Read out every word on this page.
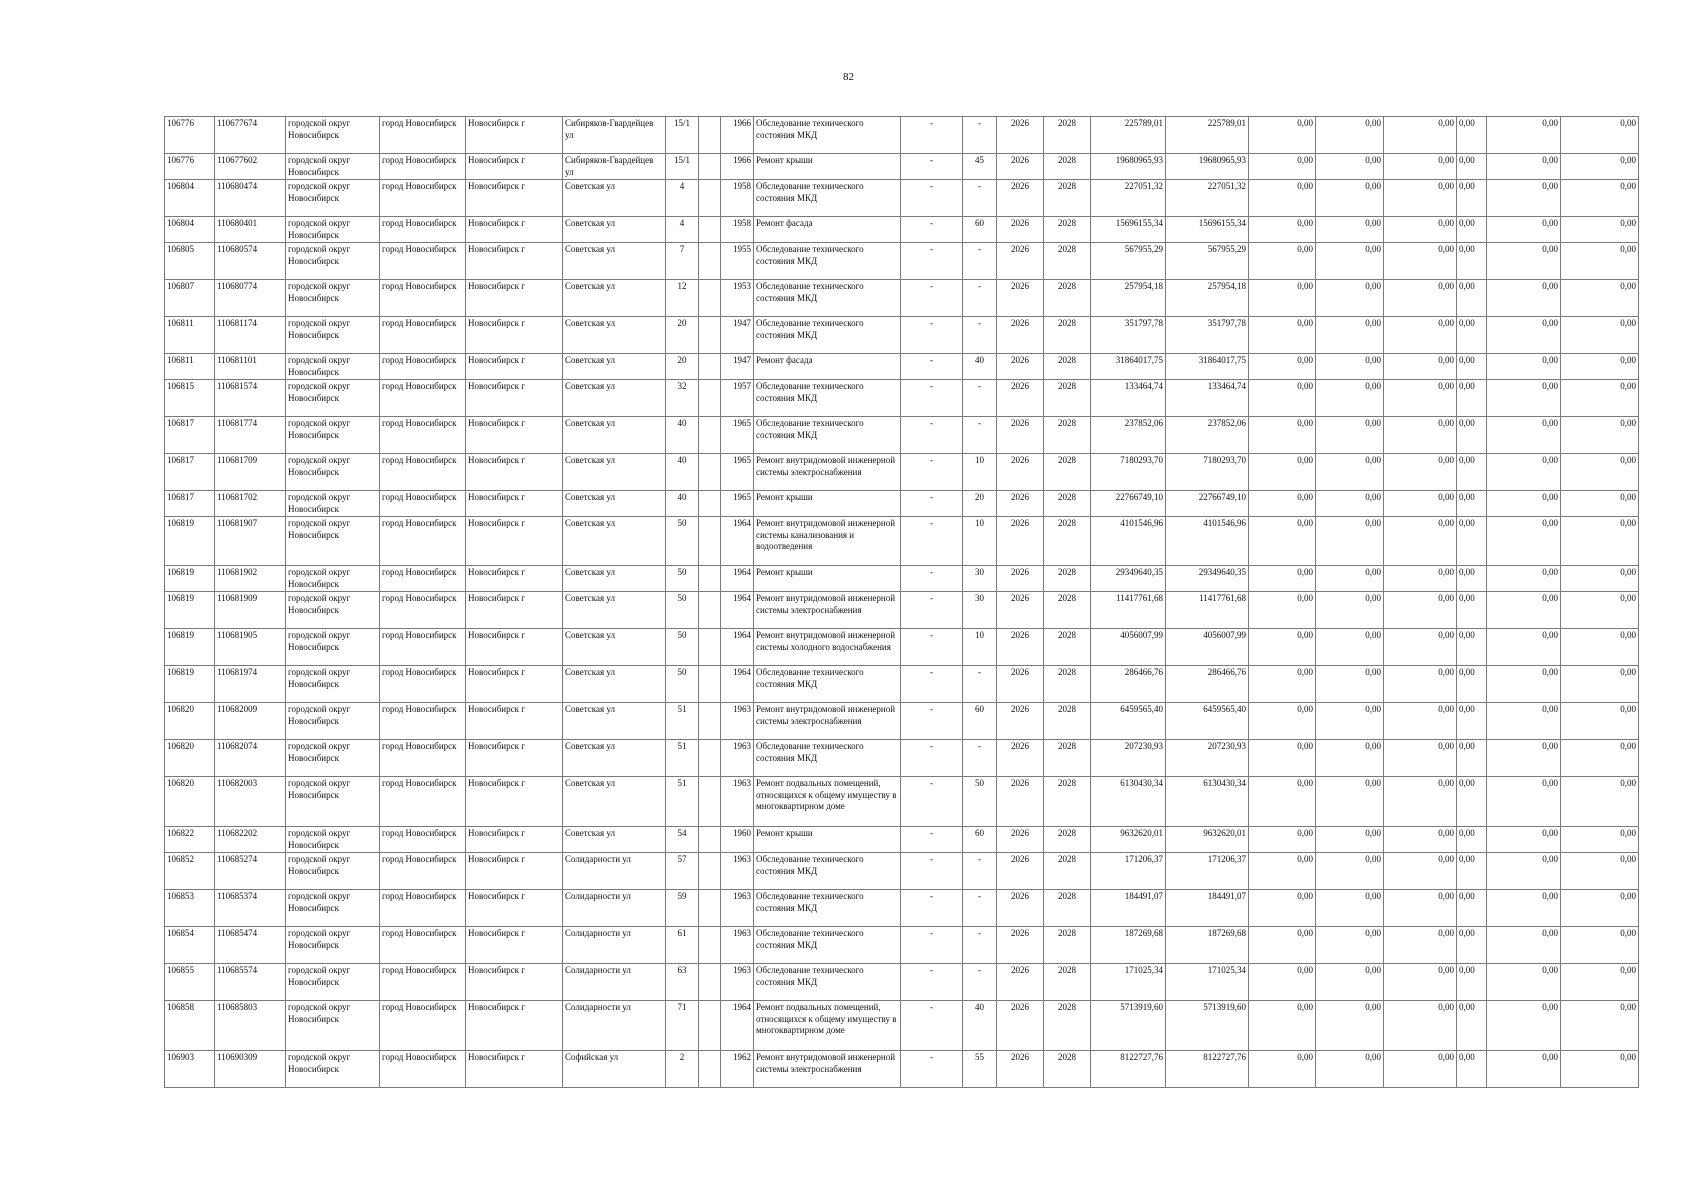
82
106776	110677674	городской округ Новосибирск	город Новосибирск	Новосибирск г	Сибиряков-Гвардейцев ул	15/1		1966	Обследование технического состояния МКД	-	-	2026	2028	225789,01	225789,01	0,00	0,00	0,00	0,00	0,00	0,00
106776	110677602	городской округ Новосибирск	город Новосибирск	Новосибирск г	Сибиряков-Гвардейцев ул	15/1		1966	Ремонт крыши	-	45	2026	2028	19680965,93	19680965,93	0,00	0,00	0,00	0,00	0,00	0,00
106804	110680474	городской округ Новосибирск	город Новосибирск	Новосибирск г	Советская ул	4		1958	Обследование технического состояния МКД	-	-	2026	2028	227051,32	227051,32	0,00	0,00	0,00	0,00	0,00	0,00
106804	110680401	городской округ Новосибирск	город Новосибирск	Новосибирск г	Советская ул	4		1958	Ремонт фасада	-	60	2026	2028	15696155,34	15696155,34	0,00	0,00	0,00	0,00	0,00	0,00
106805	110680574	городской округ Новосибирск	город Новосибирск	Новосибирск г	Советская ул	7		1955	Обследование технического состояния МКД	-	-	2026	2028	567955,29	567955,29	0,00	0,00	0,00	0,00	0,00	0,00
106807	110680774	городской округ Новосибирск	город Новосибирск	Новосибирск г	Советская ул	12		1953	Обследование технического состояния МКД	-	-	2026	2028	257954,18	257954,18	0,00	0,00	0,00	0,00	0,00	0,00
106811	110681174	городской округ Новосибирск	город Новосибирск	Новосибирск г	Советская ул	20		1947	Обследование технического состояния МКД	-	-	2026	2028	351797,78	351797,78	0,00	0,00	0,00	0,00	0,00	0,00
106811	110681101	городской округ Новосибирск	город Новосибирск	Новосибирск г	Советская ул	20		1947	Ремонт фасада	-	40	2026	2028	31864017,75	31864017,75	0,00	0,00	0,00	0,00	0,00	0,00
106815	110681574	городской округ Новосибирск	город Новосибирск	Новосибирск г	Советская ул	32		1957	Обследование технического состояния МКД	-	-	2026	2028	133464,74	133464,74	0,00	0,00	0,00	0,00	0,00	0,00
106817	110681774	городской округ Новосибирск	город Новосибирск	Новосибирск г	Советская ул	40		1965	Обследование технического состояния МКД	-	-	2026	2028	237852,06	237852,06	0,00	0,00	0,00	0,00	0,00	0,00
106817	110681709	городской округ Новосибирск	город Новосибирск	Новосибирск г	Советская ул	40		1965	Ремонт внутридомовой инженерной системы электроснабжения	-	10	2026	2028	7180293,70	7180293,70	0,00	0,00	0,00	0,00	0,00	0,00
106817	110681702	городской округ Новосибирск	город Новосибирск	Новосибирск г	Советская ул	40		1965	Ремонт крыши	-	20	2026	2028	22766749,10	22766749,10	0,00	0,00	0,00	0,00	0,00	0,00
106819	110681907	городской округ Новосибирск	город Новосибирск	Новосибирск г	Советская ул	50		1964	Ремонт внутридомовой инженерной системы канализования и водоотведения	-	10	2026	2028	4101546,96	4101546,96	0,00	0,00	0,00	0,00	0,00	0,00
106819	110681902	городской округ Новосибирск	город Новосибирск	Новосибирск г	Советская ул	50		1964	Ремонт крыши	-	30	2026	2028	29349640,35	29349640,35	0,00	0,00	0,00	0,00	0,00	0,00
106819	110681909	городской округ Новосибирск	город Новосибирск	Новосибирск г	Советская ул	50		1964	Ремонт внутридомовой инженерной системы электроснабжения	-	30	2026	2028	11417761,68	11417761,68	0,00	0,00	0,00	0,00	0,00	0,00
106819	110681905	городской округ Новосибирск	город Новосибирск	Новосибирск г	Советская ул	50		1964	Ремонт внутридомовой инженерной системы холодного водоснабжения	-	10	2026	2028	4056007,99	4056007,99	0,00	0,00	0,00	0,00	0,00	0,00
106819	110681974	городской округ Новосибирск	город Новосибирск	Новосибирск г	Советская ул	50		1964	Обследование технического состояния МКД	-	-	2026	2028	286466,76	286466,76	0,00	0,00	0,00	0,00	0,00	0,00
106820	110682009	городской округ Новосибирск	город Новосибирск	Новосибирск г	Советская ул	51		1963	Ремонт внутридомовой инженерной системы электроснабжения	-	60	2026	2028	6459565,40	6459565,40	0,00	0,00	0,00	0,00	0,00	0,00
106820	110682074	городской округ Новосибирск	город Новосибирск	Новосибирск г	Советская ул	51		1963	Обследование технического состояния МКД	-	-	2026	2028	207230,93	207230,93	0,00	0,00	0,00	0,00	0,00	0,00
106820	110682003	городской округ Новосибирск	город Новосибирск	Новосибирск г	Советская ул	51		1963	Ремонт подвальных помещений, относящихся к общему имуществу в многоквартирном доме	-	50	2026	2028	6130430,34	6130430,34	0,00	0,00	0,00	0,00	0,00	0,00
106822	110682202	городской округ Новосибирск	город Новосибирск	Новосибирск г	Советская ул	54		1960	Ремонт крыши	-	60	2026	2028	9632620,01	9632620,01	0,00	0,00	0,00	0,00	0,00	0,00
106852	110685274	городской округ Новосибирск	город Новосибирск	Новосибирск г	Солидарности ул	57		1963	Обследование технического состояния МКД	-	-	2026	2028	171206,37	171206,37	0,00	0,00	0,00	0,00	0,00	0,00
106853	110685374	городской округ Новосибирск	город Новосибирск	Новосибирск г	Солидарности ул	59		1963	Обследование технического состояния МКД	-	-	2026	2028	184491,07	184491,07	0,00	0,00	0,00	0,00	0,00	0,00
106854	110685474	городской округ Новосибирск	город Новосибирск	Новосибирск г	Солидарности ул	61		1963	Обследование технического состояния МКД	-	-	2026	2028	187269,68	187269,68	0,00	0,00	0,00	0,00	0,00	0,00
106855	110685574	городской округ Новосибирск	город Новосибирск	Новосибирск г	Солидарности ул	63		1963	Обследование технического состояния МКД	-	-	2026	2028	171025,34	171025,34	0,00	0,00	0,00	0,00	0,00	0,00
106858	110685803	городской округ Новосибирск	город Новосибирск	Новосибирск г	Солидарности ул	71		1964	Ремонт подвальных помещений, относящихся к общему имуществу в многоквартирном доме	-	40	2026	2028	5713919,60	5713919,60	0,00	0,00	0,00	0,00	0,00	0,00
106903	110690309	городской округ Новосибирск	город Новосибирск	Новосибирск г	Софийская ул	2		1962	Ремонт внутридомовой инженерной системы электроснабжения	-	55	2026	2028	8122727,76	8122727,76	0,00	0,00	0,00	0,00	0,00	0,00
